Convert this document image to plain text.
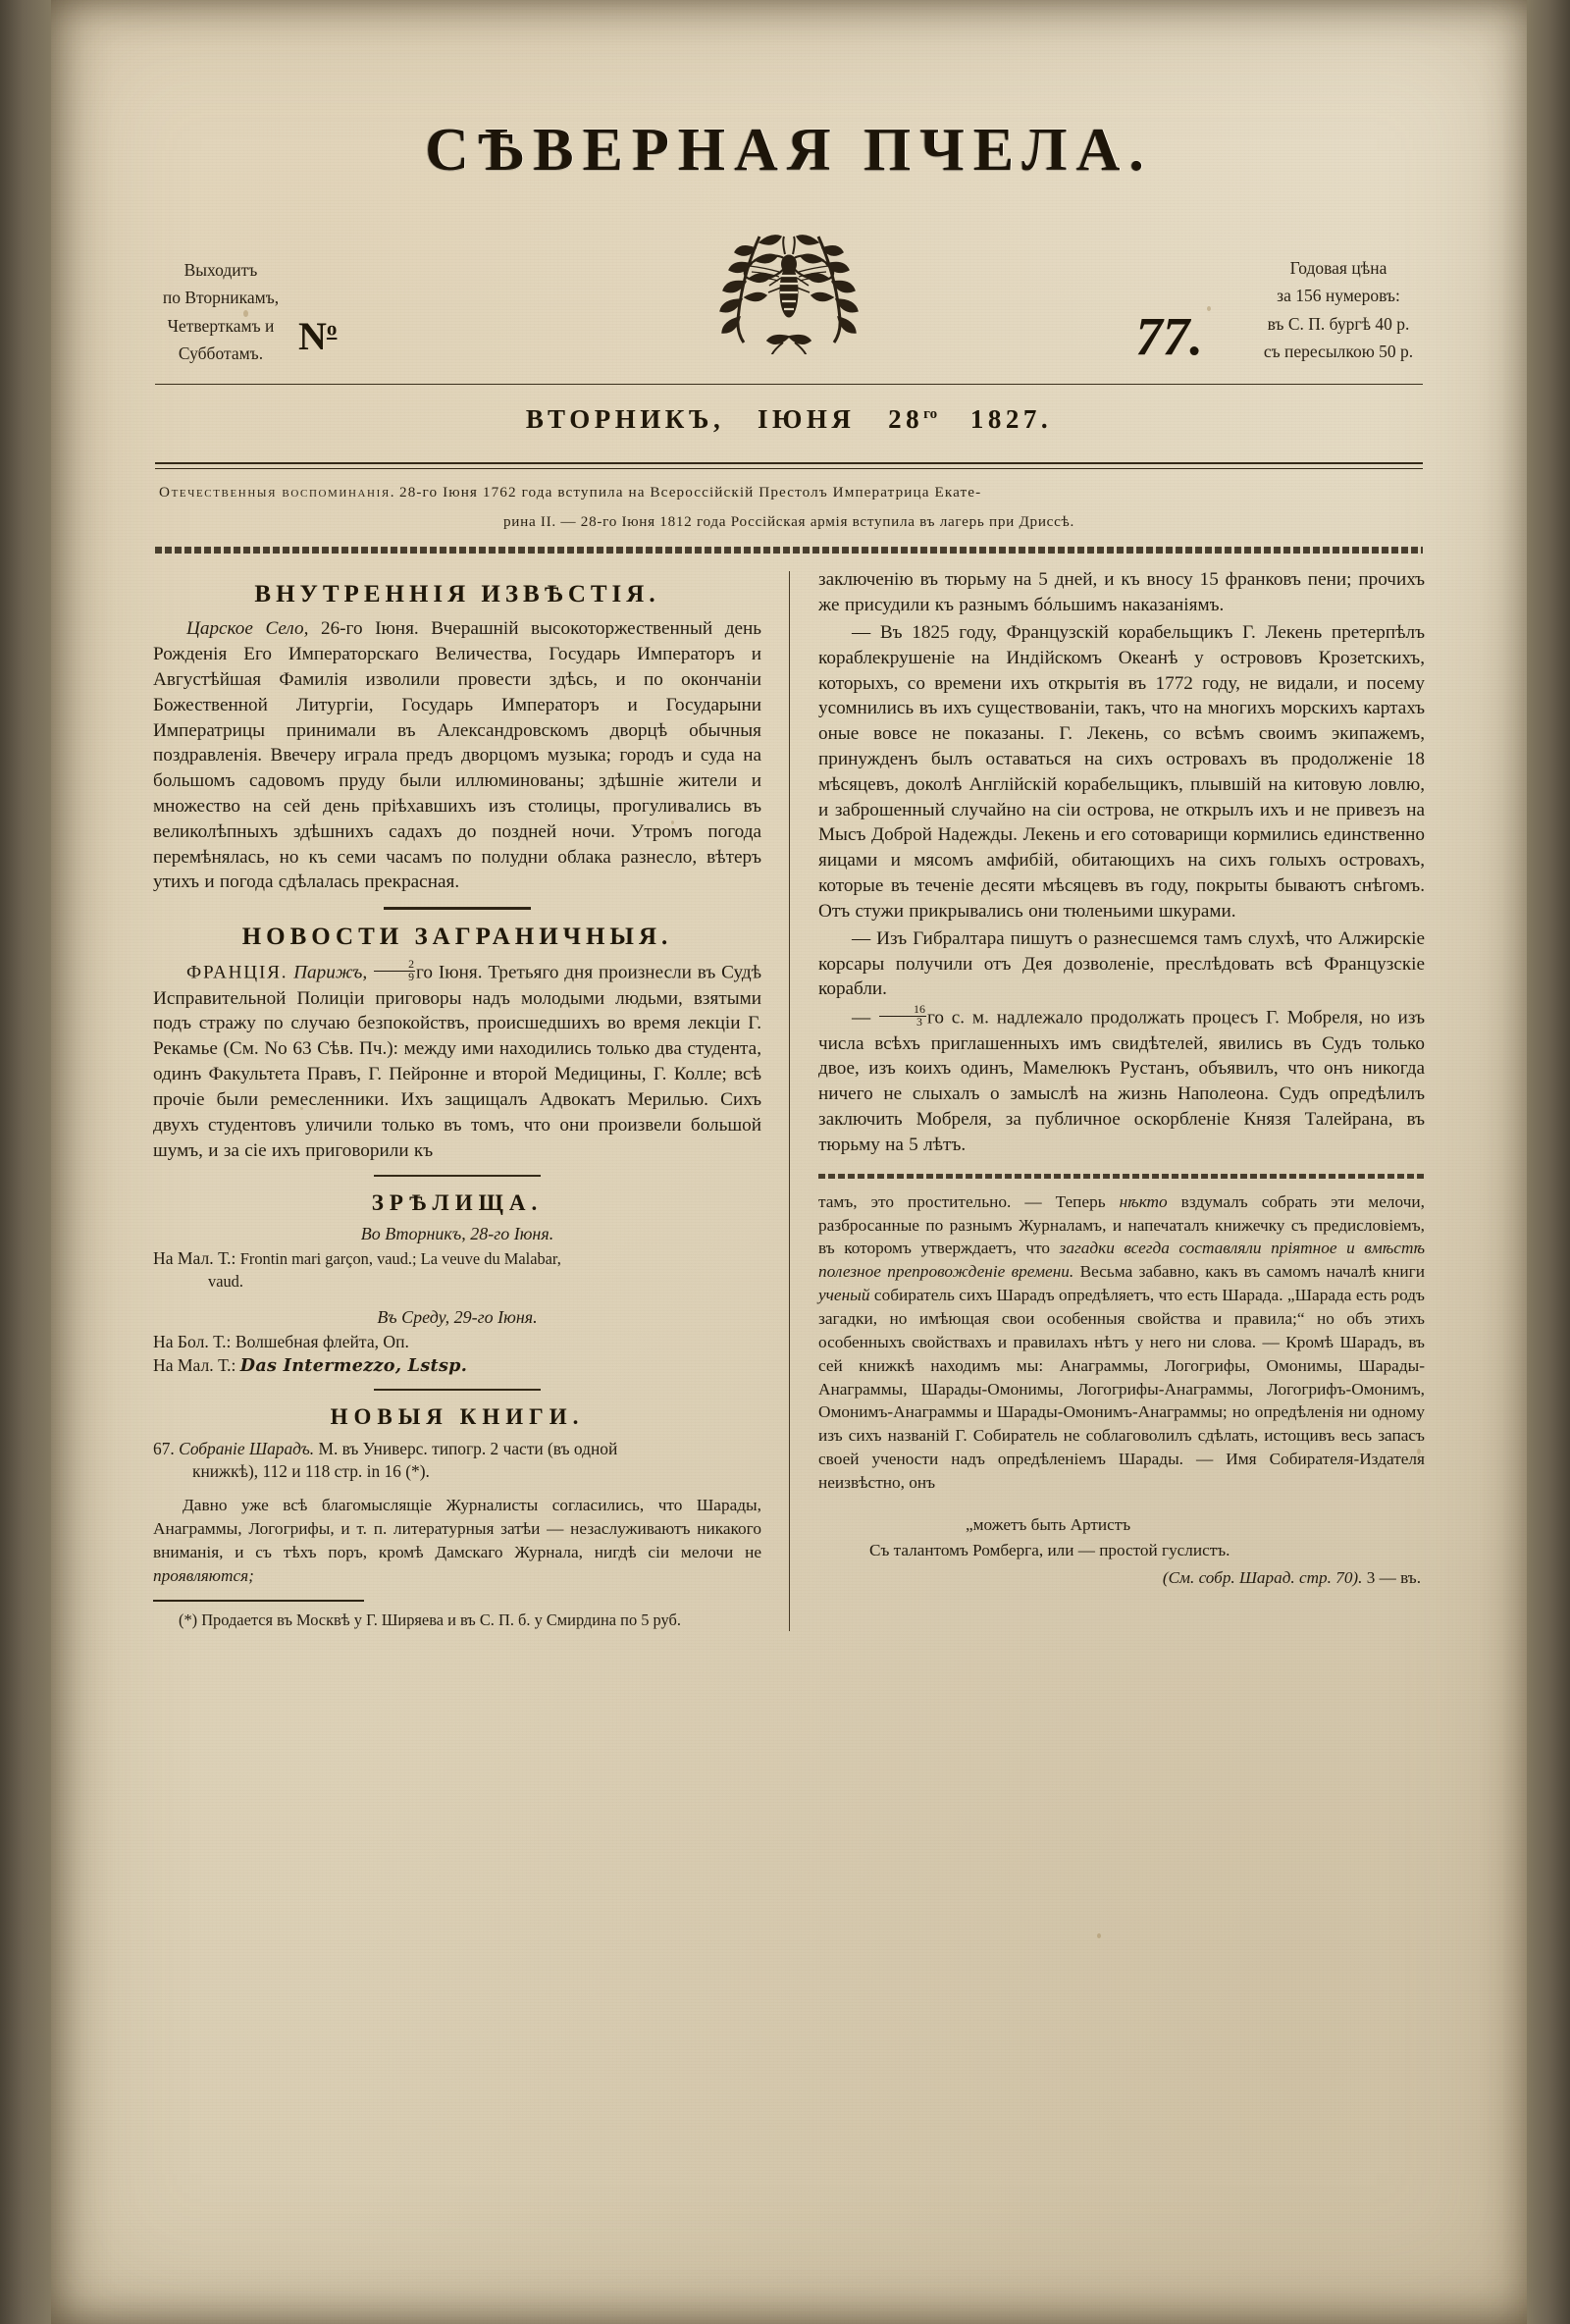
СѢВЕРНАЯ ПЧЕЛА.
Выходитъ
по Вторникамъ,
Четверткамъ и
Субботамъ. $N^o$	77.
Годовая цѣна
за 156 нумеровъ:
въ С. П. бургѣ 40 р.
съ пересылкою 50 р.
ВТОРНИКЪ, ІЮНЯ $28^{го}$ 1827.
Отечественныя воспоминанія. 28-го Іюня 1762 года вступила на Всероссійскій Престолъ Императрица Екате-
рина II. — 28-го Іюня 1812 года Россійская армія вступила въ лагерь при Дриссѣ.
ВНУТРЕННІЯ ИЗВѢСТІЯ.

Царское Село, 26-го Іюня. Вчерашній высокоторжественный день Рожденія Его Императорскаго Величества, Государь Императоръ и Августѣйшая Фамилія изволили провести здѣсь, и по окончаніи Божественной Литургіи, Государь Императоръ и Государыни Императрицы принимали въ Александровскомъ дворцѣ обычныя поздравленія. Ввечеру играла предъ дворцомъ музыка; городъ и суда на большомъ садовомъ пруду были иллюминованы; здѣшніе жители и множество на сей день пріѣхавшихъ изъ столицы, прогуливались въ великолѣпныхъ здѣшнихъ садахъ до поздней ночи. Утромъ погода перемѣнялась, но къ семи часамъ по полудни облака разнесло, вѣтеръ утихъ и погода сдѣлалась прекрасная.

НОВОСТИ ЗАГРАНИЧНЫЯ.

ФРАНЦІЯ. Парижъ, $\frac{2}{9}$ го Іюня. Третьяго дня произнесли въ Судѣ Исправительной Полиціи приговоры надъ молодыми людьми, взятыми подъ стражу по случаю безпокойствъ, происшедшихъ во время лекціи Г. Рекамье (См. No 63 Сѣв. Пч.): между ими находились только два студента, одинъ Факультета Правъ, Г. Пейронне и второй Медицины, Г. Колле; всѣ прочіе были ремесленники. Ихъ защищалъ Адвокатъ Мерилью. Сихъ двухъ студентовъ уличили только въ томъ, что они произвели большой шумъ, и за сіе ихъ приговорили къ

ЗРѢЛИЩА.
Во Вторникъ, 28-го Іюня.

На Мал. Т.: Frontin mari garçon, vaud.; La veuve du Malabar,

vaud.

Въ Среду, 29-го Іюня.

На Бол. Т.: Волшебная флейта, Оп.

На Мал. Т.: Das Intermezzo, Lstsp.

НОВЫЯ КНИГИ.

67. Собраніе Шарадъ. М. въ Универс. типогр. 2 части (въ одной
книжкѣ), 112 и 118 стр. in 16 (*).

Давно уже всѣ благомыслящіе Журналисты согласились, что Шарады, Анаграммы, Логогрифы, и т. п. литературныя затѣи — незаслуживаютъ никакого вниманія, и съ тѣхъ поръ, кромѣ Дамскаго Журнала, нигдѣ сіи мелочи не проявляются;

(*) Продается въ Москвѣ у Г. Ширяева и въ С. П. б. у Смирдина по 5 руб.

заключенію въ тюрьму на 5 дней, и къ вносу 15 франковъ пени; прочихъ же присудили къ разнымъ бóльшимъ наказаніямъ.

— Въ 1825 году, Французскій корабельщикъ Г. Лекень претерпѣлъ кораблекрушеніе на Индійскомъ Океанѣ у острововъ Крозетскихъ, которыхъ, со времени ихъ открытія въ 1772 году, не видали, и посему усомнились въ ихъ существованіи, такъ, что на многихъ морскихъ картахъ оные вовсе не показаны. Г. Лекень, со всѣмъ своимъ экипажемъ, принужденъ былъ оставаться на сихъ островахъ въ продолженіе 18 мѣсяцевъ, доколѣ Англійскій корабельщикъ, плывшій на китовую ловлю, и заброшенный случайно на сіи острова, не открылъ ихъ и не привезъ на Мысъ Доброй Надежды. Лекень и его сотоварищи кормились единственно яицами и мясомъ амфибій, обитающихъ на сихъ голыхъ островахъ, которые въ теченіе десяти мѣсяцевъ въ году, покрыты бываютъ снѣгомъ. Отъ стужи прикрывались они тюленьими шкурами.

— Изъ Гибралтара пишутъ о разнесшемся тамъ слухѣ, что Алжирскіе корсары получили отъ Дея дозволеніе, преслѣдовать всѣ Французскіе корабли.

— $\frac{16}{3}$ го с. м. надлежало продолжать процесъ Г. Мобреля, но изъ числа всѣхъ приглашенныхъ имъ свидѣтелей, явились въ Судъ только двое, изъ коихъ одинъ, Мамелюкъ Рустанъ, объявилъ, что онъ никогда ничего не слыхалъ о замыслѣ на жизнь Наполеона. Судъ опредѣлилъ заключить Мобреля, за публичное оскорбленіе Князя Талейрана, въ тюрьму на 5 лѣтъ.

тамъ, это простительно. — Теперь нѣкто вздумалъ собрать эти мелочи, разбросанные по разнымъ Журналамъ, и напечаталъ книжечку съ предисловіемъ, въ которомъ утверждаетъ, что загадки всегда составляли пріятное и вмѣстѣ полезное препровожденіе времени. Весьма забавно, какъ въ самомъ началѣ книги ученый собиратель сихъ Шарадъ опредѣляетъ, что есть Шарада. „Шарада есть родъ загадки, но имѣющая свои особенныя свойства и правила;“ но объ этихъ особенныхъ свойствахъ и правилахъ нѣтъ у него ни слова. — Кромѣ Шарадъ, въ сей книжкѣ находимъ мы: Анаграммы, Логогрифы, Омонимы, Шарады-Анаграммы, Шарады-Омонимы, Логогрифы-Анаграммы, Логогрифъ-Омонимъ, Омонимъ-Анаграммы и Шарады-Омонимъ-Анаграммы; но опредѣленія ни одному изъ сихъ названій Г. Собиратель не соблаговолилъ сдѣлать, истощивъ весь запасъ своей учености надъ опредѣленіемъ Шарады. — Имя Собирателя-Издателя неизвѣстно, онъ

„можетъ быть Артистъ
Съ талантомъ Ромберга, или — простой гуслистъ.
(См. собр. Шарад. стр. 70). 3 — въ.
